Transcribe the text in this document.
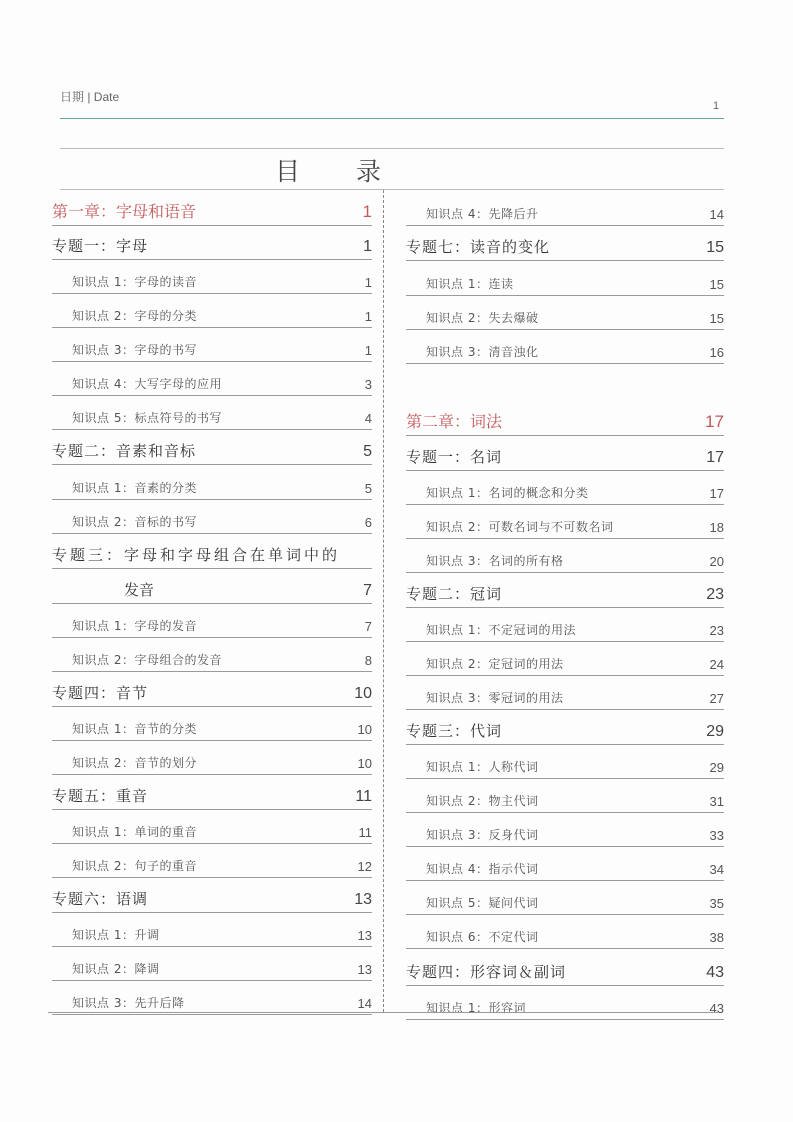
日期 | Date
1
目 录
第一章：字母和语音	1
专题一：字母	1
知识点 1：字母的读音	1
知识点 2：字母的分类	1
知识点 3：字母的书写	1
知识点 4：大写字母的应用	3
知识点 5：标点符号的书写	4
专题二：音素和音标	5
知识点 1：音素的分类	5
知识点 2：音标的书写	6
专题三：字母和字母组合在单词中的
发音	7
知识点 1：字母的发音	7
知识点 2：字母组合的发音	8
专题四：音节	10
知识点 1：音节的分类	10
知识点 2：音节的划分	10
专题五：重音	11
知识点 1：单词的重音	11
知识点 2：句子的重音	12
专题六：语调	13
知识点 1：升调	13
知识点 2：降调	13
知识点 3：先升后降	14
知识点 4：先降后升	14
专题七：读音的变化	15
知识点 1：连读	15
知识点 2：失去爆破	15
知识点 3：清音浊化	16
第二章：词法	17
专题一：名词	17
知识点 1：名词的概念和分类	17
知识点 2：可数名词与不可数名词	18
知识点 3：名词的所有格	20
专题二：冠词	23
知识点 1：不定冠词的用法	23
知识点 2：定冠词的用法	24
知识点 3：零冠词的用法	27
专题三：代词	29
知识点 1：人称代词	29
知识点 2：物主代词	31
知识点 3：反身代词	33
知识点 4：指示代词	34
知识点 5：疑问代词	35
知识点 6：不定代词	38
专题四：形容词＆副词	43
知识点 1：形容词	43
